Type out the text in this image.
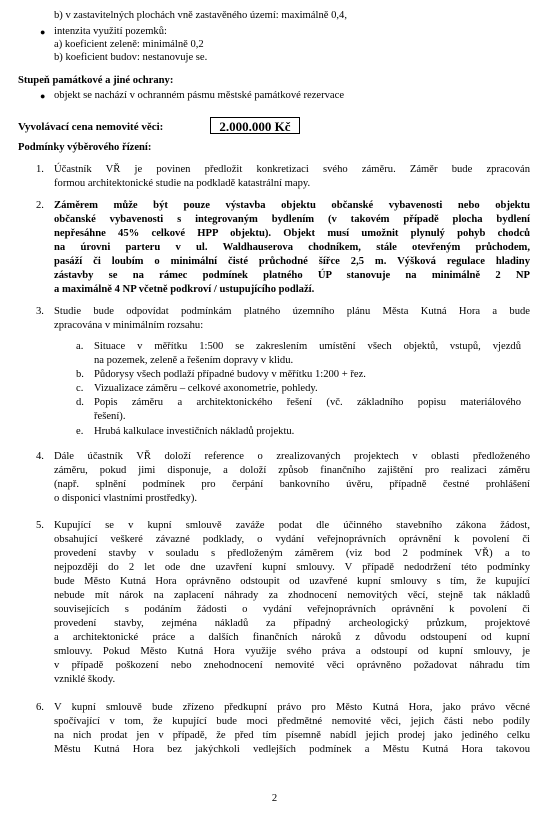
b) v zastavitelných plochách vně zastavěného území: maximálně 0,4,
● intenzita využití pozemků:
a) koeficient zeleně: minimálně 0,2
b) koeficient budov: nestanovuje se.
Stupeň památkové a jiné ochrany:
● objekt se nachází v ochranném pásmu městské památkové rezervace
Vyvolávací cena nemovité věci:	2.000.000 Kč
Podmínky výběrového řízení:
1. Účastník VŘ je povinen předložit konkretizaci svého záměru. Záměr bude zpracován
formou architektonické studie na podkladě katastrální mapy.
2. Záměrem může být pouze výstavba objektu občanské vybavenosti nebo objektu
občanské vybavenosti s integrovaným bydlením (v takovém případě plocha bydlení
nepřesáhne 45% celkové HPP objektu). Objekt musí umožnit plynulý pohyb chodců
na úrovni parteru v ul. Waldhauserova chodníkem, stále otevřeným průchodem,
pasáží či loubím o minimální čisté průchodné šířce 2,5 m. Výšková regulace hladiny
zástavby se na rámec podmínek platného ÚP stanovuje na minimálně 2 NP
a maximálně 4 NP včetně podkroví / ustupujícího podlaží.
3. Studie bude odpovídat podmínkám platného územního plánu Města Kutná Hora a bude
zpracována v minimálním rozsahu:
a. Situace v měřítku 1:500 se zakreslením umístění všech objektů, vstupů, vjezdů
na pozemek, zeleně a řešením dopravy v klidu.
b. Půdorysy všech podlaží případné budovy v měřítku 1:200 + řez.
c. Vizualizace záměru – celkové axonometrie, pohledy.
d. Popis záměru a architektonického řešení (vč. základního popisu materiálového
řešení).
e. Hrubá kalkulace investičních nákladů projektu.
4. Dále účastník VŘ doloží reference o zrealizovaných projektech v oblasti předloženého
záměru, pokud jimi disponuje, a doloží způsob finančního zajištění pro realizaci záměru
(např. splnění podmínek pro čerpání bankovního úvěru, případně čestné prohlášení
o disponici vlastními prostředky).
5. Kupující se v kupní smlouvě zaváže podat dle účinného stavebního zákona žádost,
obsahující veškeré závazné podklady, o vydání veřejnoprávních oprávnění k povolení či
provedení stavby v souladu s předloženým záměrem (viz bod 2 podmínek VŘ) a to
nejpozději do 2 let ode dne uzavření kupní smlouvy. V případě nedodržení této podmínky
bude Město Kutná Hora oprávněno odstoupit od uzavřené kupní smlouvy s tím, že kupující
nebude mít nárok na zaplacení náhrady za zhodnocení nemovitých věcí, stejně tak nákladů
souvisejících s podáním žádosti o vydání veřejnoprávních oprávnění k povolení či
provedení stavby, zejména nákladů za případný archeologický průzkum, projektové
a architektonické práce a dalších finančních nároků z důvodu odstoupení od kupní
smlouvy. Pokud Město Kutná Hora využije svého práva a odstoupí od kupní smlouvy, je
v případě poškození nebo znehodnocení nemovité věci oprávněno požadovat náhradu tím
vzniklé škody.
6. V kupní smlouvě bude zřízeno předkupní právo pro Město Kutná Hora, jako právo věcné
spočívající v tom, že kupující bude moci předmětné nemovité věci, jejich části nebo podíly
na nich prodat jen v případě, že před tím písemně nabídl jejich prodej jako jediného celku
Městu Kutná Hora bez jakýchkoli vedlejších podmínek a Městu Kutná Hora takovou
2
